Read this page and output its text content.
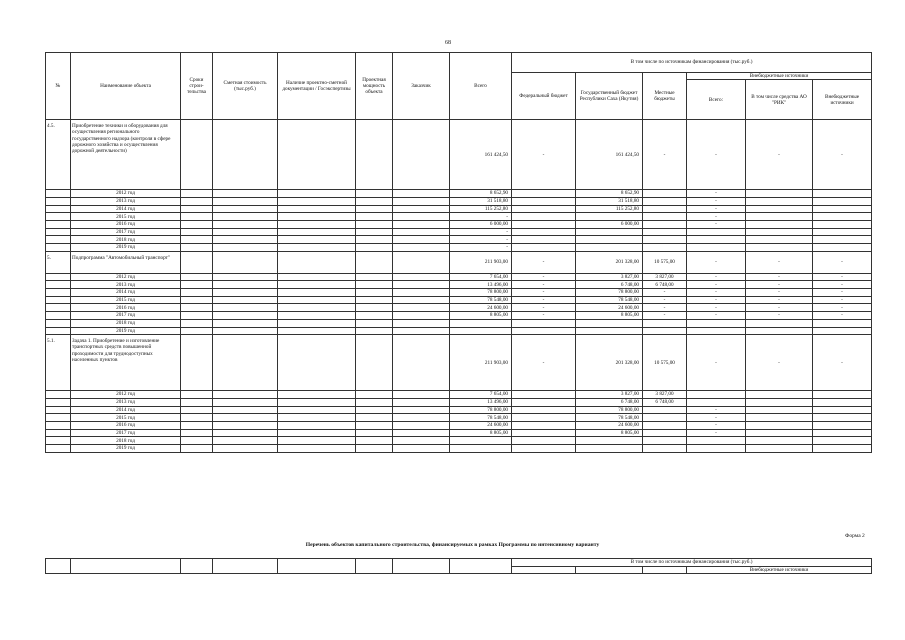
68
№	Наименование объекта	Сроки строи-тельства	Сметная стоимость (тыс.руб.)	Наличие проектно-сметной документации / Госэкспертизы	Проектная мощность объекта	Заказчик	Всего	В том числе по источникам финансирования (тыс.руб.)					
								Федеральный бюджет	Государственный бюджет Республики Саха (Якутия)	Местные бюджеты	Внебюджетные источники		
											Всего:	В том числе средства АО "РИК"	Внебюджетные источники
4.5.	Приобретение техники и оборудования для осуществления регионального государственного надзора (контроля в сфере дорожного хозяйства и осуществления дорожной деятельности)						161 424,50	-	161 424,50	-	-	-	-
	2012 год						8 652,90		8 652,90		-		
	2013 год						31 518,80		31 518,80		-		
	2014 год						115 252,80		115 252,80		-		
	2015 год						-				-		
	2016 год						6 000,00		6 000,00		-		
	2017 год						-						
	2018 год						-						
	2019 год						-						
5.	Подпрограмма "Автомобильный транспорт"						211 903,00	-	201 328,00	10 575,00	-	-	-
	2012 год						7 654,00	-	3 827,00	3 827,00	-	-	-
	2013 год						13 496,00	-	6 748,00	6 748,00	-	-	-
	2014 год						78 800,00	-	78 800,00	-	-	-	-
	2015 год						78 548,00	-	78 548,00	-	-	-	-
	2016 год						24 600,00	-	24 600,00	-	-	-	-
	2017 год						8 805,00	-	8 805,00	-	-	-	-
	2018 год												
	2019 год												
5.1.	Задача 1. Приобретение и изготовление транспортных средств повышенной проходимости для труднодоступных населенных пунктов						211 903,00	-	201 328,00	10 575,00	-	-	-
	2012 год						7 654,00		3 827,00	3 827,00			
	2013 год						13 496,00		6 748,00	6 748,00			
	2014 год						78 800,00		78 800,00		-		
	2015 год						78 548,00		78 548,00		-		
	2016 год						24 600,00		24 600,00		-		
	2017 год						8 805,00		8 805,00		-		
	2018 год												
	2019 год												
Форма 2
Перечень объектов капитального строительства, финансируемых в рамках Программы по интенсивному варианту
								В том числе по источникам финансирования (тыс.руб.)			
											Внебюджетные источники
